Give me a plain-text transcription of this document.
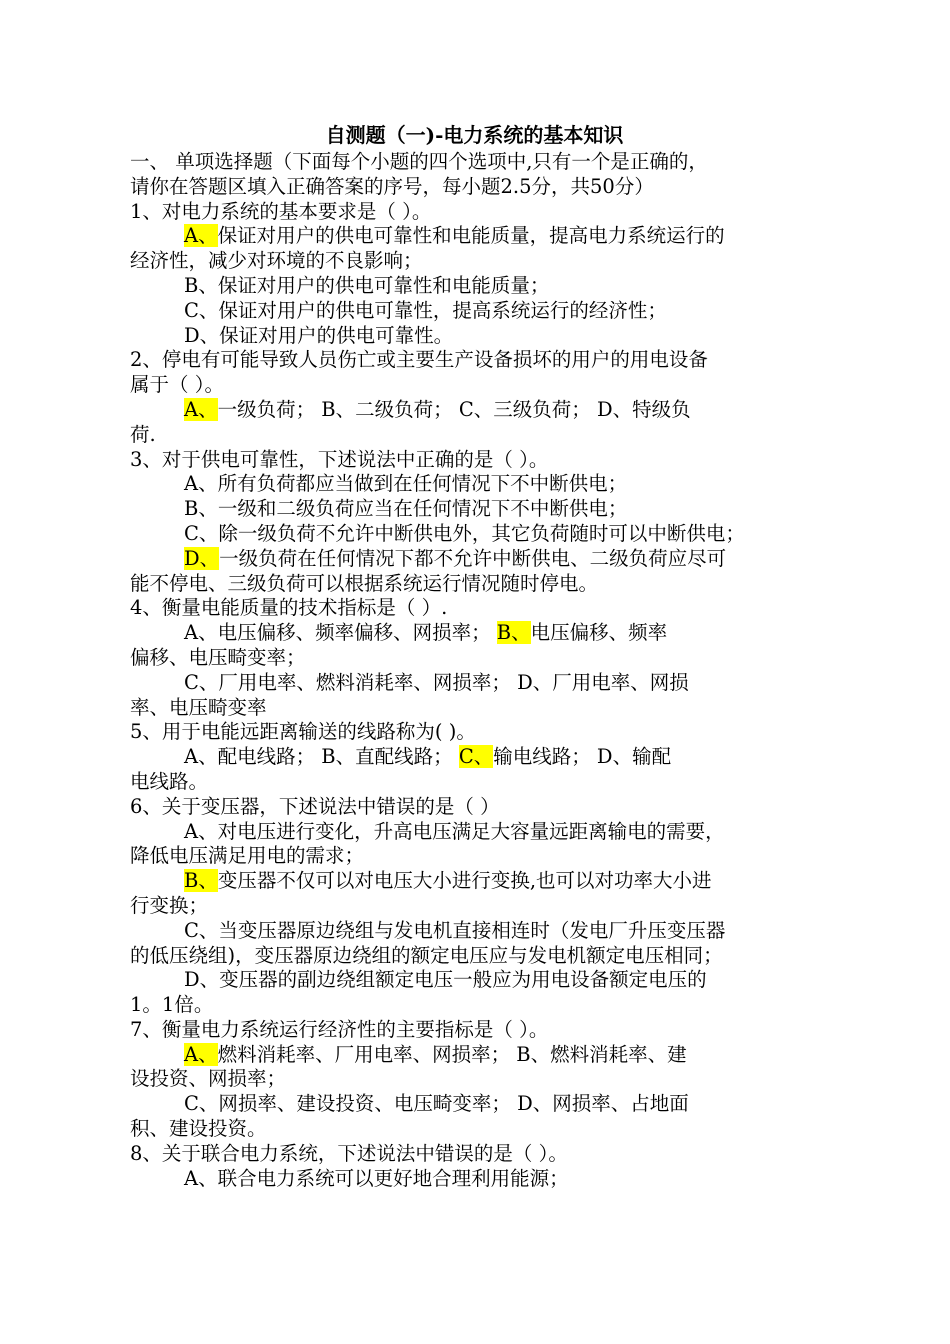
自测题（一)-电力系统的基本知识

一、 单项选择题（下面每个小题的四个选项中,只有一个是正确的，

请你在答题区填入正确答案的序号，每小题2.5分，共50分）

1、对电力系统的基本要求是（ ）。

A、保证对用户的供电可靠性和电能质量，提高电力系统运行的

经济性，减少对环境的不良影响；

B、保证对用户的供电可靠性和电能质量；

C、保证对用户的供电可靠性，提高系统运行的经济性；

D、保证对用户的供电可靠性。

2、停电有可能导致人员伤亡或主要生产设备损坏的用户的用电设备

属于（ ）。

A、一级负荷； B、二级负荷； C、三级负荷； D、特级负

荷.

3、对于供电可靠性，下述说法中正确的是（ ）。

A、所有负荷都应当做到在任何情况下不中断供电；

B、一级和二级负荷应当在任何情况下不中断供电；

C、除一级负荷不允许中断供电外，其它负荷随时可以中断供电；

D、一级负荷在任何情况下都不允许中断供电、二级负荷应尽可

能不停电、三级负荷可以根据系统运行情况随时停电。

4、衡量电能质量的技术指标是（ ）.

A、电压偏移、频率偏移、网损率； B、电压偏移、频率

偏移、电压畸变率；

C、厂用电率、燃料消耗率、网损率； D、厂用电率、网损

率、电压畸变率

5、用于电能远距离输送的线路称为( )。

A、配电线路； B、直配线路； C、输电线路； D、输配

电线路。

6、关于变压器，下述说法中错误的是（ ）

A、对电压进行变化，升高电压满足大容量远距离输电的需要，

降低电压满足用电的需求；

B、变压器不仅可以对电压大小进行变换,也可以对功率大小进

行变换；

C、当变压器原边绕组与发电机直接相连时（发电厂升压变压器

的低压绕组)，变压器原边绕组的额定电压应与发电机额定电压相同；

D、变压器的副边绕组额定电压一般应为用电设备额定电压的

1。1倍。

7、衡量电力系统运行经济性的主要指标是（ ）。

A、燃料消耗率、厂用电率、网损率； B、燃料消耗率、建

设投资、网损率；

C、网损率、建设投资、电压畸变率； D、网损率、占地面

积、建设投资。

8、关于联合电力系统，下述说法中错误的是（ ）。

A、联合电力系统可以更好地合理利用能源；
